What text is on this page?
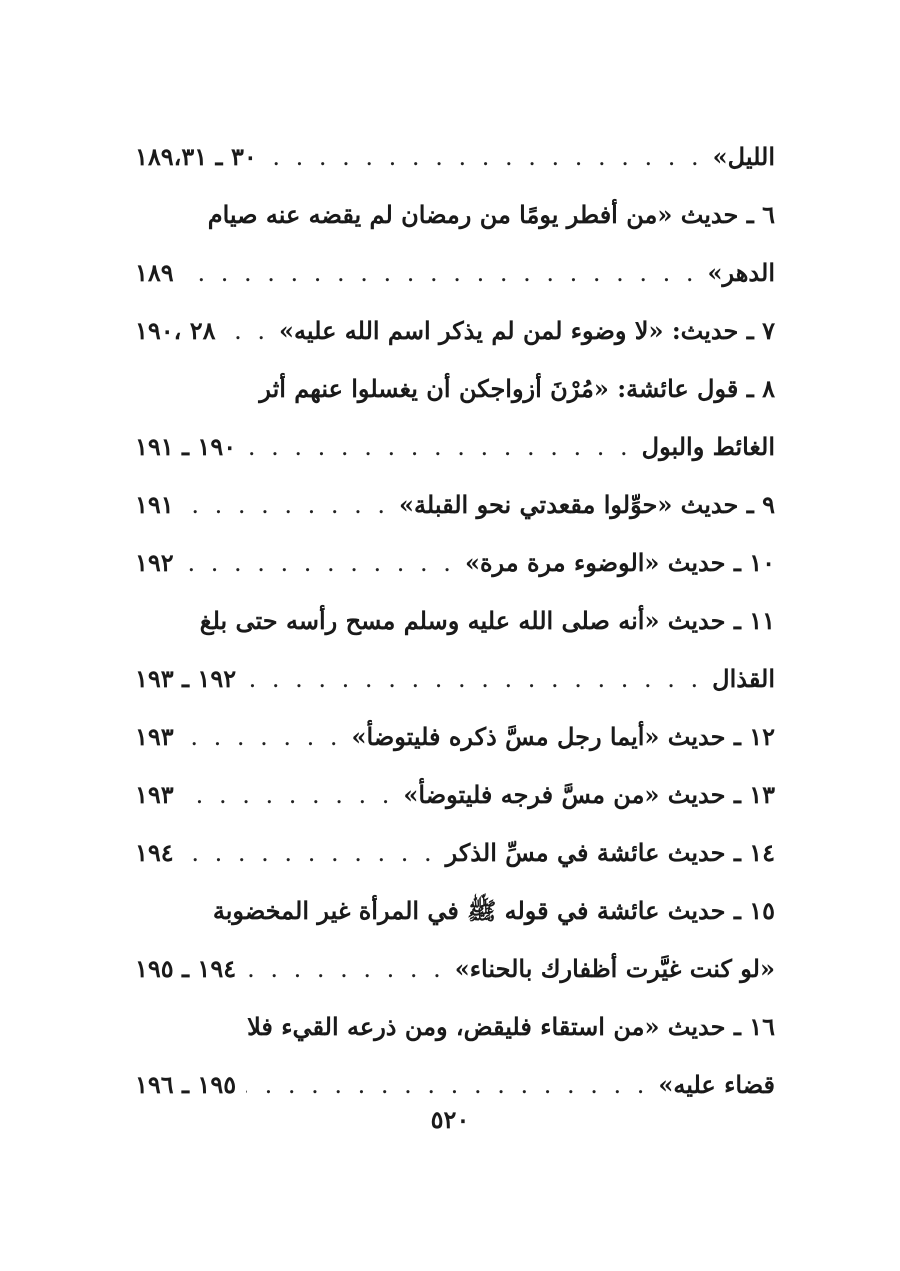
الليل»
. . .
٣٠ ـ ١٨٩،٣١
٦ ـ حديث «من أفطر يومًا من رمضان لم يقضه عنه صيام
الدهر»
. . .
١٨٩
٧ ـ حديث: «لا وضوء لمن لم يذكر اسم الله عليه»
. . .
٢٨ ،١٩٠
٨ ـ قول عائشة: «مُرْنَ أزواجكن أن يغسلوا عنهم أثر
الغائط والبول
. . .
١٩٠ ـ ١٩١
٩ ـ حديث «حوِّلوا مقعدتي نحو القبلة»
. . .
١٩١
١٠ ـ حديث «الوضوء مرة مرة»
. . .
١٩٢
١١ ـ حديث «أنه صلى الله عليه وسلم مسح رأسه حتى بلغ
القذال
. . .
١٩٢ ـ ١٩٣
١٢ ـ حديث «أيما رجل مسَّ ذكره فليتوضأ»
. . .
١٩٣
١٣ ـ حديث «من مسَّ فرجه فليتوضأ»
. . .
١٩٣
١٤ ـ حديث عائشة في مسِّ الذكر
. . .
١٩٤
١٥ ـ حديث عائشة في قوله ﷺ في المرأة غير المخضوبة
«لو كنت غيَّرت أظفارك بالحناء»
. . .
١٩٤ ـ ١٩٥
١٦ ـ حديث «من استقاء فليقض، ومن ذرعه القيء فلا
قضاء عليه»
. . .
١٩٥ ـ ١٩٦
٥٢٠
